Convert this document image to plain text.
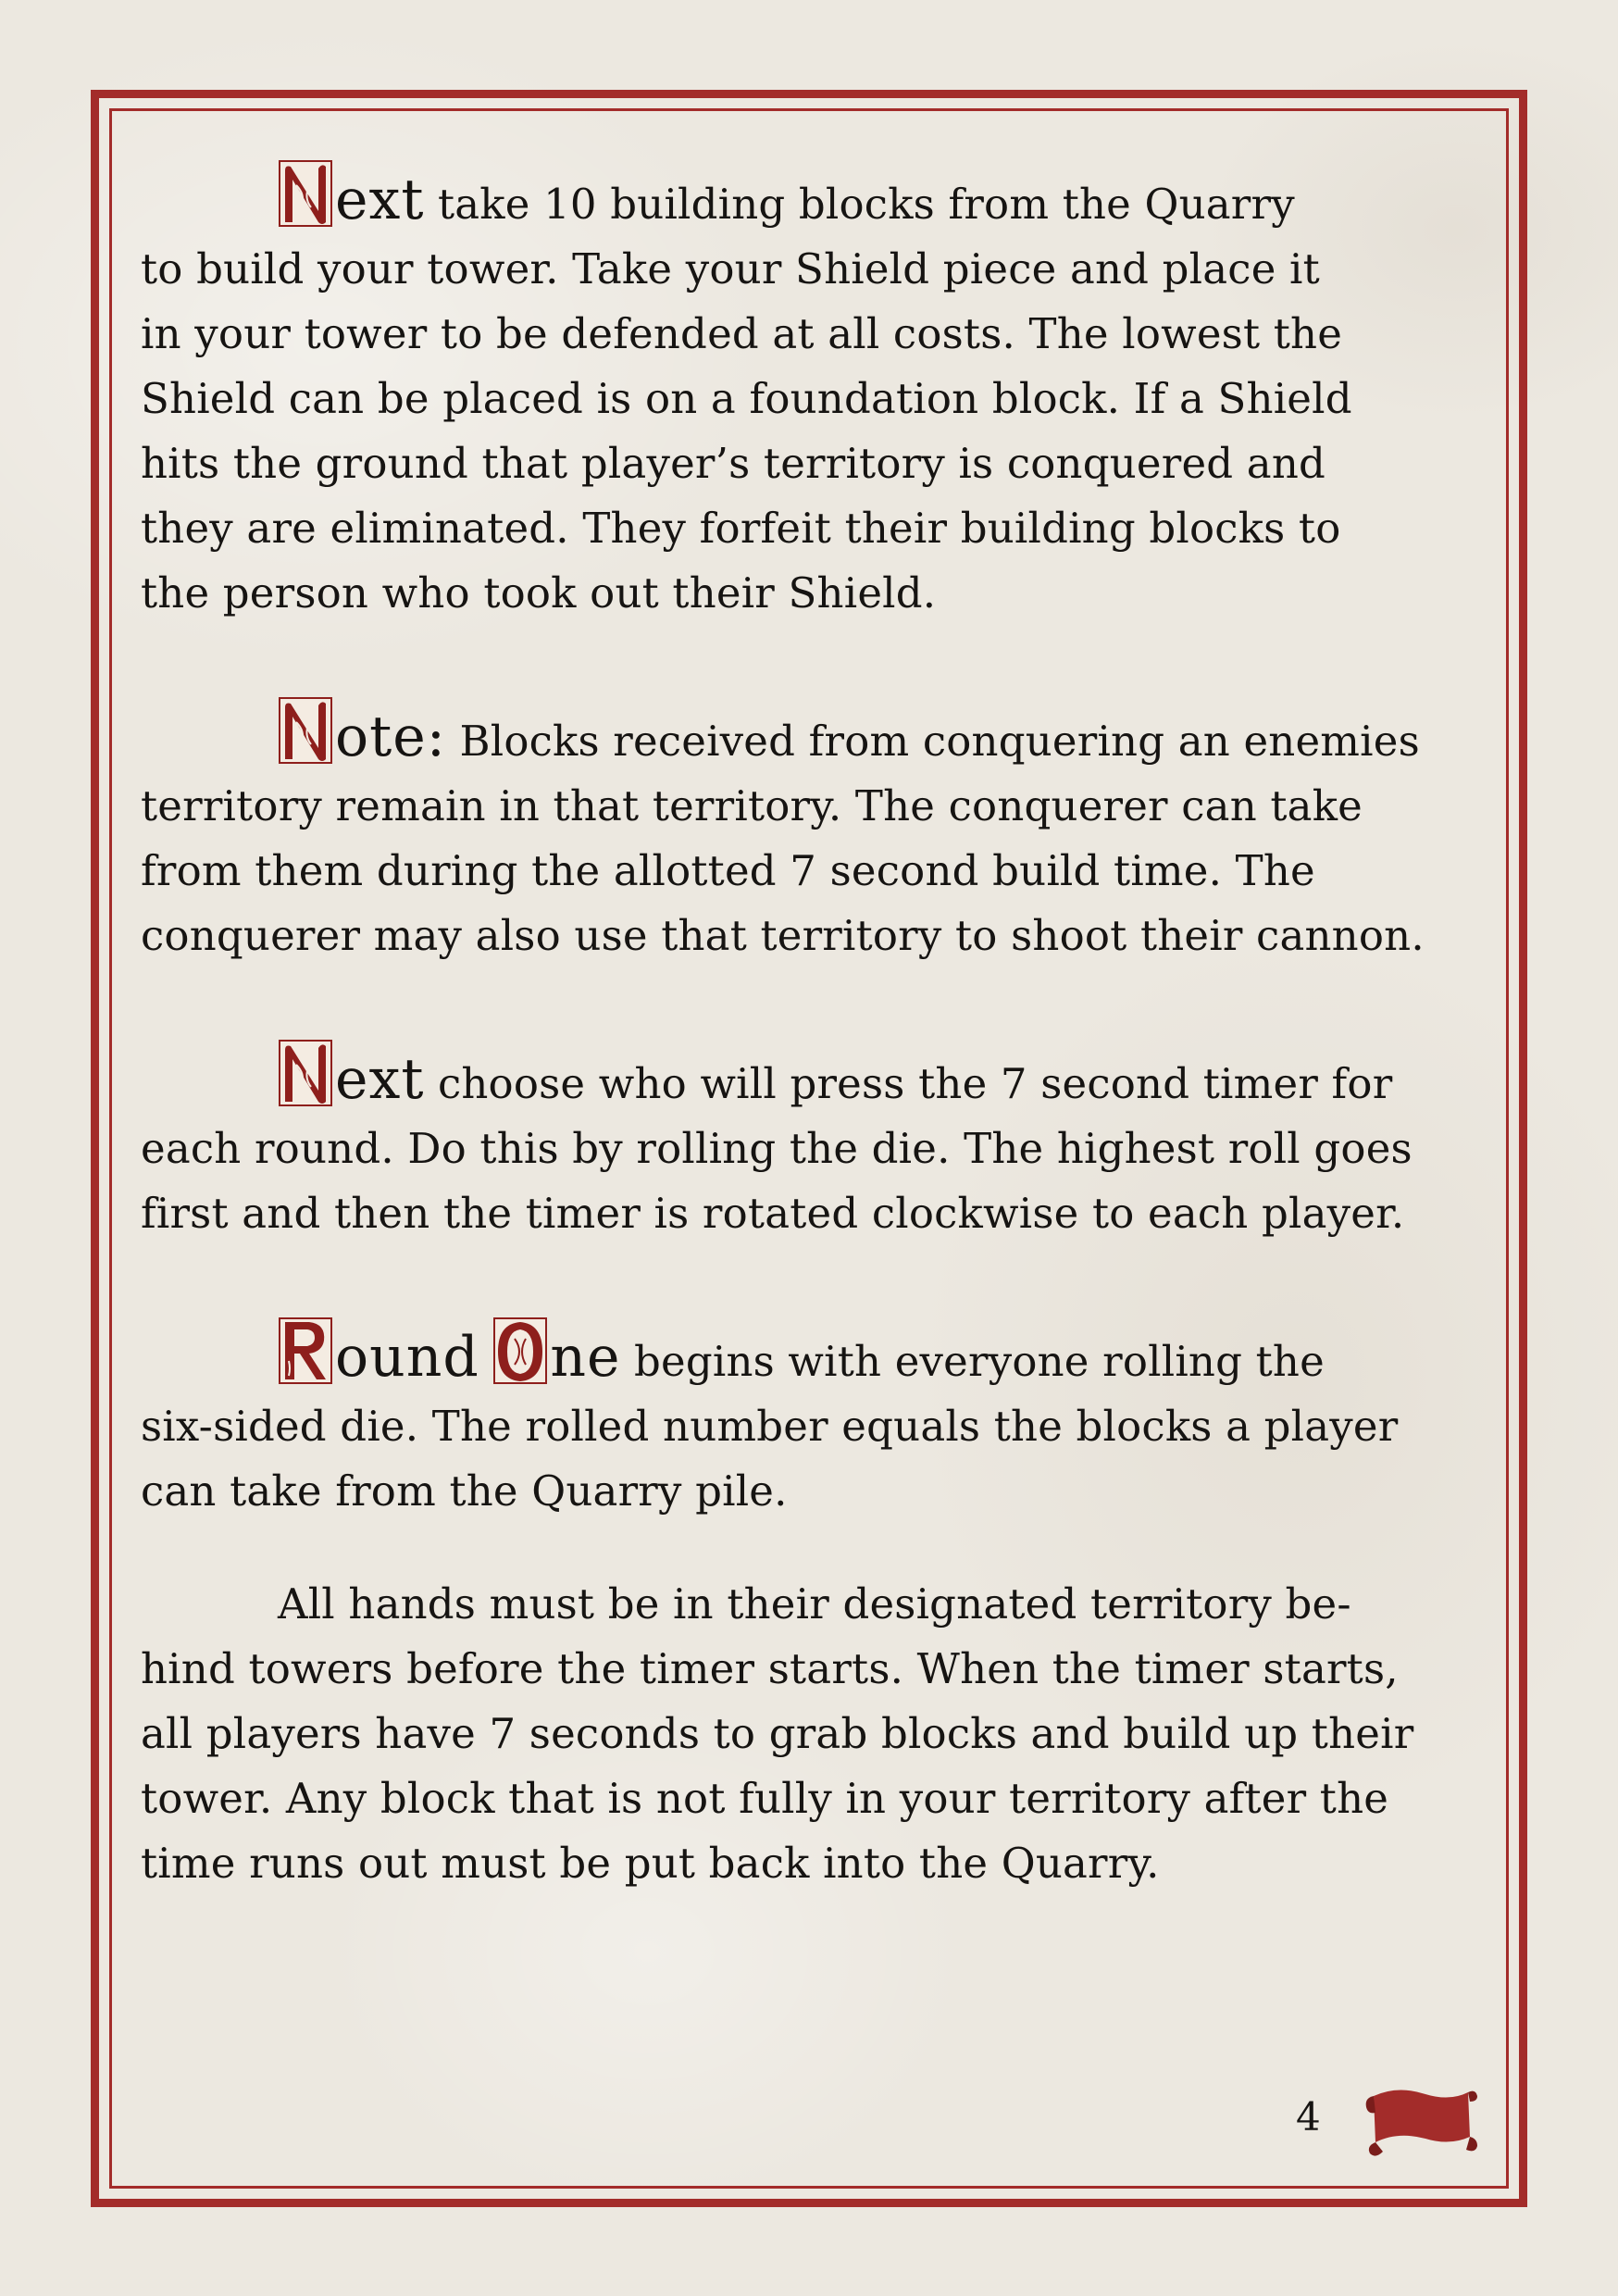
ext take 10 building blocks from the Quarry
to build your tower. Take your Shield piece and place it
in your tower to be defended at all costs. The lowest the
Shield can be placed is on a foundation block. If a Shield
hits the ground that player’s territory is conquered and
they are eliminated. They forfeit their building blocks to
the person who took out their Shield.

ote: Blocks received from conquering an enemies
territory remain in that territory. The conquerer can take
from them during the allotted 7 second build time. The
conquerer may also use that territory to shoot their cannon.

ext choose who will press the 7 second timer for
each round. Do this by rolling the die. The highest roll goes
first and then the timer is rotated clockwise to each player.

ound ne begins with everyone rolling the
six-sided die. The rolled number equals the blocks a player
can take from the Quarry pile.

All hands must be in their designated territory be-
hind towers before the timer starts. When the timer starts,
all players have 7 seconds to grab blocks and build up their
tower. Any block that is not fully in your territory after the
time runs out must be put back into the Quarry.

4
